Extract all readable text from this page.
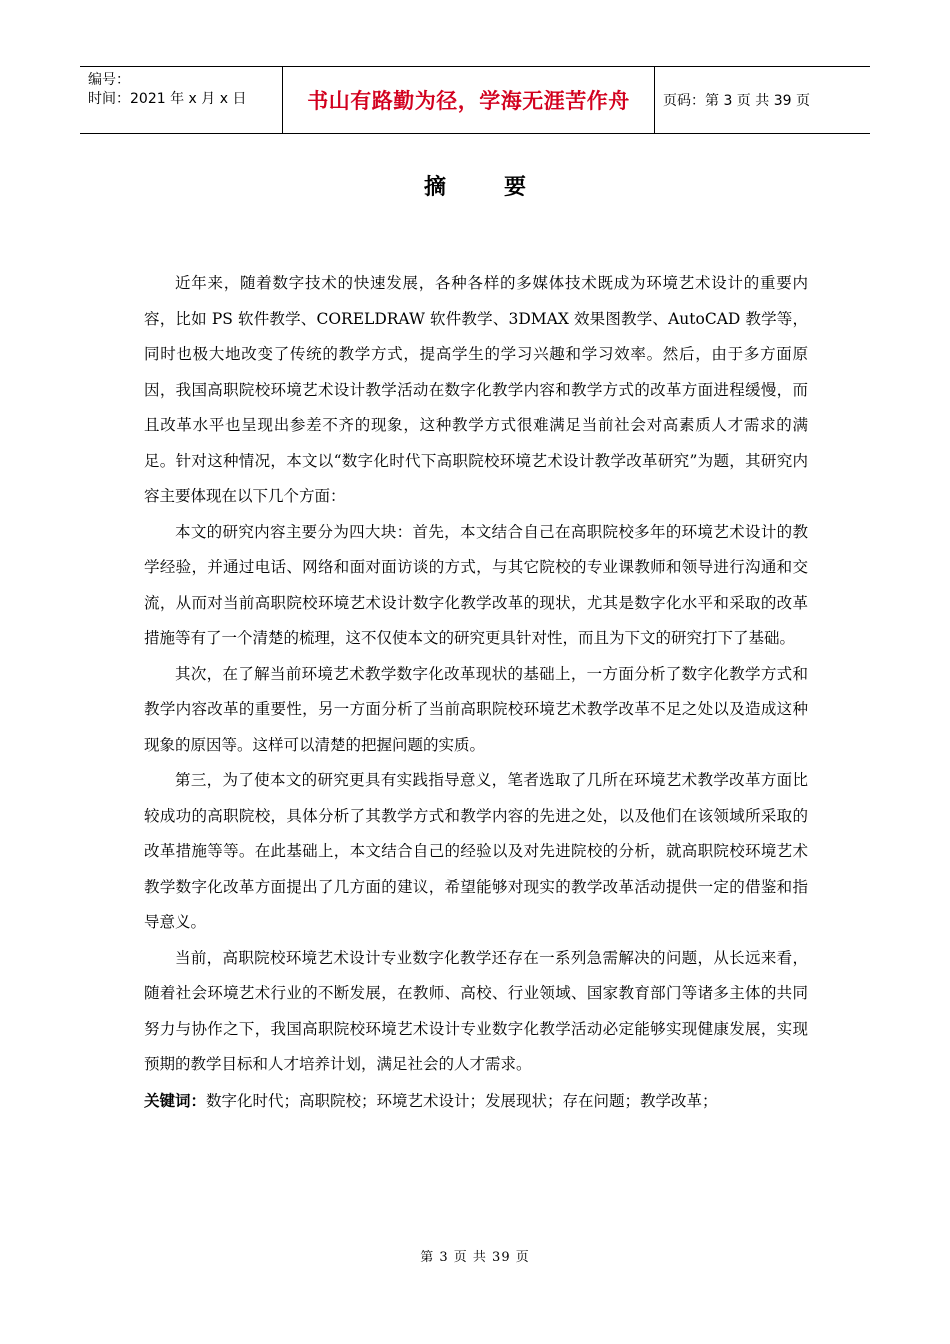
编号：
时间：2021 年 x 月 x 日	书山有路勤为径，学海无涯苦作舟	页码：第 3 页 共 39 页
摘要

近年来，随着数字技术的快速发展，各种各样的多媒体技术既成为环境艺术设计的重要内容，比如 PS 软件教学、CORELDRAW 软件教学、3DMAX 效果图教学、AutoCAD 教学等，同时也极大地改变了传统的教学方式，提高学生的学习兴趣和学习效率。然后，由于多方面原因，我国高职院校环境艺术设计教学活动在数字化教学内容和教学方式的改革方面进程缓慢，而且改革水平也呈现出参差不齐的现象，这种教学方式很难满足当前社会对高素质人才需求的满足。针对这种情况，本文以“数字化时代下高职院校环境艺术设计教学改革研究”为题，其研究内容主要体现在以下几个方面：

本文的研究内容主要分为四大块：首先，本文结合自己在高职院校多年的环境艺术设计的教学经验，并通过电话、网络和面对面访谈的方式，与其它院校的专业课教师和领导进行沟通和交流，从而对当前高职院校环境艺术设计数字化教学改革的现状，尤其是数字化水平和采取的改革措施等有了一个清楚的梳理，这不仅使本文的研究更具针对性，而且为下文的研究打下了基础。

其次，在了解当前环境艺术教学数字化改革现状的基础上，一方面分析了数字化教学方式和教学内容改革的重要性，另一方面分析了当前高职院校环境艺术教学改革不足之处以及造成这种现象的原因等。这样可以清楚的把握问题的实质。

第三，为了使本文的研究更具有实践指导意义，笔者选取了几所在环境艺术教学改革方面比较成功的高职院校，具体分析了其教学方式和教学内容的先进之处，以及他们在该领域所采取的改革措施等等。在此基础上，本文结合自己的经验以及对先进院校的分析，就高职院校环境艺术教学数字化改革方面提出了几方面的建议，希望能够对现实的教学改革活动提供一定的借鉴和指导意义。

当前，高职院校环境艺术设计专业数字化教学还存在一系列急需解决的问题，从长远来看，随着社会环境艺术行业的不断发展，在教师、高校、行业领域、国家教育部门等诸多主体的共同努力与协作之下，我国高职院校环境艺术设计专业数字化教学活动必定能够实现健康发展，实现预期的教学目标和人才培养计划，满足社会的人才需求。

关键词：数字化时代；高职院校；环境艺术设计；发展现状；存在问题；教学改革；

第 3 页 共 39 页
